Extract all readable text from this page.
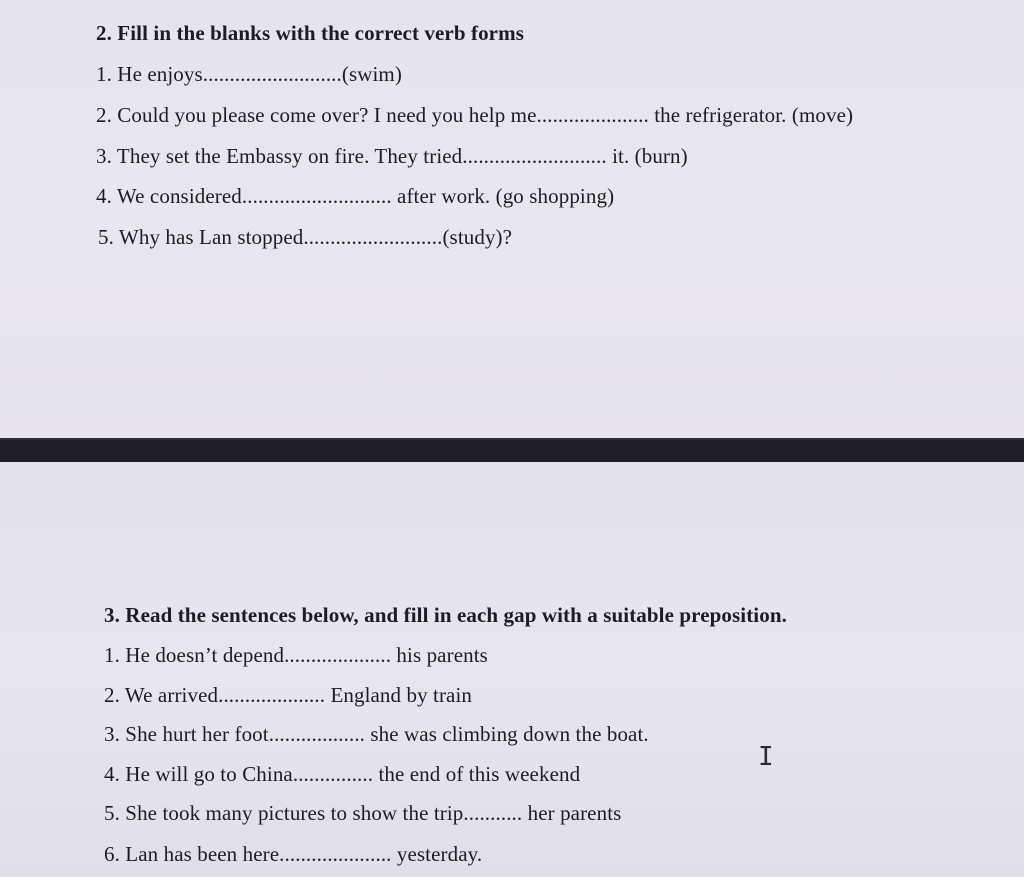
2. Fill in the blanks with the correct verb forms
1. He enjoys..........................(swim)
2. Could you please come over? I need you help me..................... the refrigerator. (move)
3. They set the Embassy on fire. They tried........................... it. (burn)
4. We considered............................ after work. (go shopping)
5. Why has Lan stopped..........................(study)?
3. Read the sentences below, and fill in each gap with a suitable preposition.
1. He doesn’t depend.................... his parents
2. We arrived.................... England by train
3. She hurt her foot.................. she was climbing down the boat.
4. He will go to China............... the end of this weekend
5. She took many pictures to show the trip........... her parents
6. Lan has been here..................... yesterday.
I
